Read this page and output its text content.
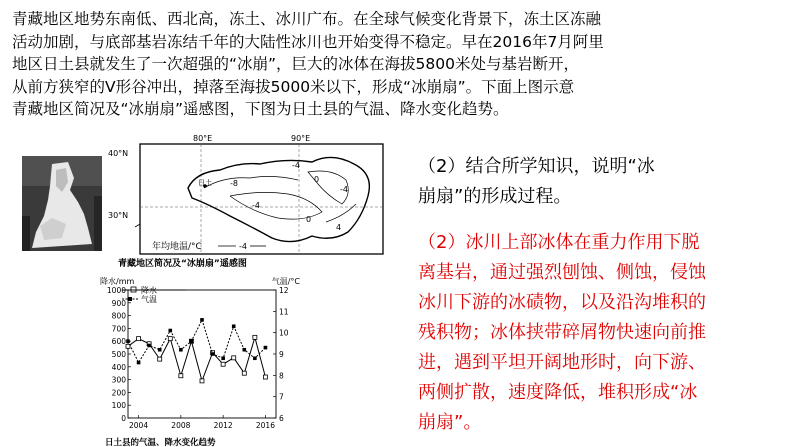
青藏地区地势东南低、西北高，冻土、冰川广布。在全球气候变化背景下，冻土区冻融
活动加剧，与底部基岩冻结千年的大陆性冰川也开始变得不稳定。早在2016年7月阿里
地区日土县就发生了一次超强的“冰崩”，巨大的冰体在海拔5800米处与基岩断开，
从前方狭窄的Ⅴ形谷冲出，掉落至海拔5000米以下，形成“冰崩扇”。下面上图示意
青藏地区简况及“冰崩扇”遥感图，下图为日土县的气温、降水变化趋势。

80°E	90°E
40°N
30°N
日土
-4
-8
-4
0
-4
0
4
年均地温/°C	-4
青藏地区简况及“冰崩扇”遥感图
降水/mm	气温/°C
降水
气温
日土县的气温、降水变化趋势
0
100
200
300
400
500
600
700
800
900
1000
6
7
8
9
10
11
12
2004	2008	2012	2016

（2）结合所学知识，说明“冰
崩扇”的形成过程。

（2）冰川上部冰体在重力作用下脱
离基岩，通过强烈刨蚀、侧蚀，侵蚀
冰川下游的冰碛物，以及沿沟堆积的
残积物；冰体挟带碎屑物快速向前推
进，遇到平坦开阔地形时，向下游、
两侧扩散，速度降低，堆积形成“冰
崩扇”。
